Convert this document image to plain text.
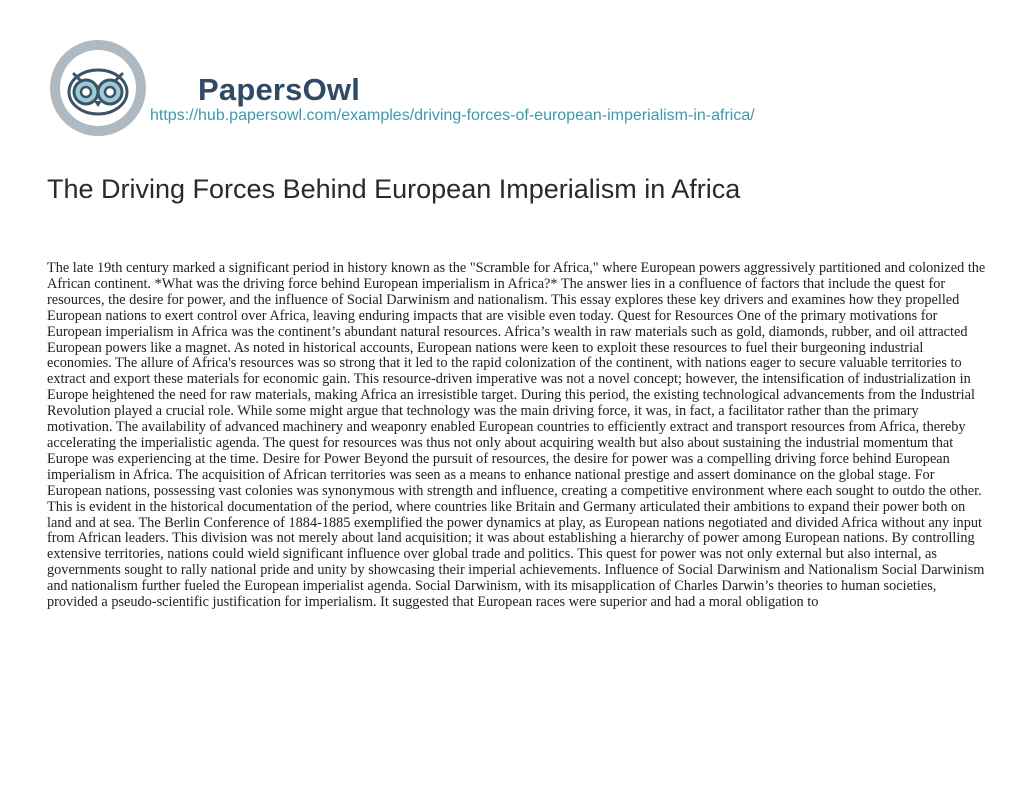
PapersOwl
https://hub.papersowl.com/examples/driving-forces-of-european-imperialism-in-africa/
The Driving Forces Behind European Imperialism in Africa

The late 19th century marked a significant period in history known as the "Scramble for Africa," where European powers aggressively partitioned and colonized the African continent. *What was the driving force behind European imperialism in Africa?* The answer lies in a confluence of factors that include the quest for resources, the desire for power, and the influence of Social Darwinism and nationalism. This essay explores these key drivers and examines how they propelled European nations to exert control over Africa, leaving enduring impacts that are visible even today. Quest for Resources One of the primary motivations for European imperialism in Africa was the continent’s abundant natural resources. Africa’s wealth in raw materials such as gold, diamonds, rubber, and oil attracted European powers like a magnet. As noted in historical accounts, European nations were keen to exploit these resources to fuel their burgeoning industrial economies. The allure of Africa's resources was so strong that it led to the rapid colonization of the continent, with nations eager to secure valuable territories to extract and export these materials for economic gain. This resource-driven imperative was not a novel concept; however, the intensification of industrialization in Europe heightened the need for raw materials, making Africa an irresistible target. During this period, the existing technological advancements from the Industrial Revolution played a crucial role. While some might argue that technology was the main driving force, it was, in fact, a facilitator rather than the primary motivation. The availability of advanced machinery and weaponry enabled European countries to efficiently extract and transport resources from Africa, thereby accelerating the imperialistic agenda. The quest for resources was thus not only about acquiring wealth but also about sustaining the industrial momentum that Europe was experiencing at the time. Desire for Power Beyond the pursuit of resources, the desire for power was a compelling driving force behind European imperialism in Africa. The acquisition of African territories was seen as a means to enhance national prestige and assert dominance on the global stage. For European nations, possessing vast colonies was synonymous with strength and influence, creating a competitive environment where each sought to outdo the other. This is evident in the historical documentation of the period, where countries like Britain and Germany articulated their ambitions to expand their power both on land and at sea. The Berlin Conference of 1884-1885 exemplified the power dynamics at play, as European nations negotiated and divided Africa without any input from African leaders. This division was not merely about land acquisition; it was about establishing a hierarchy of power among European nations. By controlling extensive territories, nations could wield significant influence over global trade and politics. This quest for power was not only external but also internal, as governments sought to rally national pride and unity by showcasing their imperial achievements. Influence of Social Darwinism and Nationalism Social Darwinism and nationalism further fueled the European imperialist agenda. Social Darwinism, with its misapplication of Charles Darwin’s theories to human societies, provided a pseudo-scientific justification for imperialism. It suggested that European races were superior and had a moral obligation to
